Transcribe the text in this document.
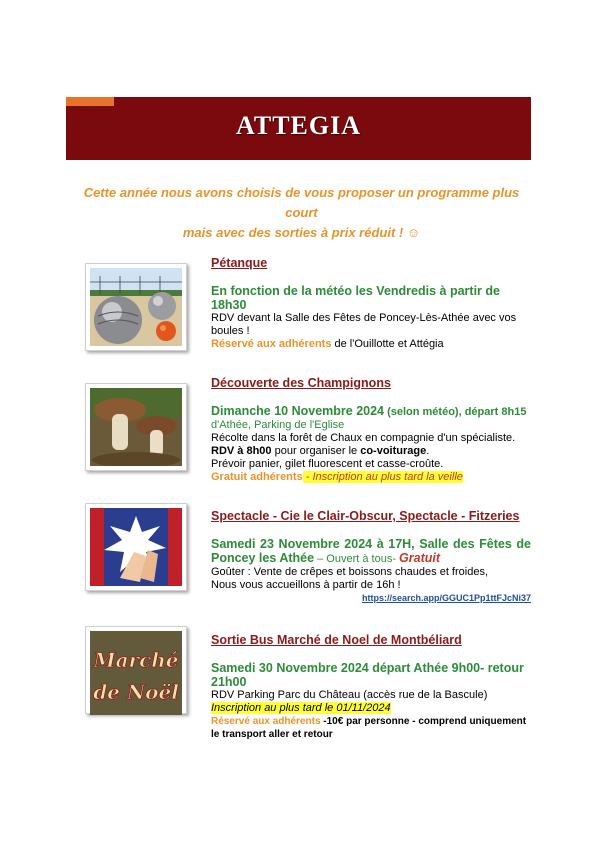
ATTEGIA
Cette année nous avons choisis de vous proposer un programme plus court
mais avec des sorties à prix réduit ! ☺
Pétanque
En fonction de la météo les Vendredis à partir de 18h30
RDV devant la Salle des Fêtes de Poncey-Lès-Athée avec vos boules !
Réservé aux adhérents de l'Ouillotte et Attégia
Découverte des Champignons
Dimanche 10 Novembre 2024 (selon météo), départ 8h15
d'Athée, Parking de l'Eglise
Récolte dans la forêt de Chaux en compagnie d'un spécialiste.
RDV à 8h00 pour organiser le co-voiturage.
Prévoir panier, gilet fluorescent et casse-croûte.
Gratuit adhérents - Inscription au plus tard la veille
Spectacle - Cie le Clair-Obscur, Spectacle - Fitzeries
Samedi 23 Novembre 2024 à 17H, Salle des Fêtes de Poncey les Athée – Ouvert à tous- Gratuit
Goûter : Vente de crêpes et boissons chaudes et froides,
Nous vous accueillons à partir de 16h !
https://search.app/GGUC1Pp1ttFJcNi37
Marché
de Noël
Sortie Bus Marché de Noel de Montbéliard
Samedi 30 Novembre 2024 départ Athée 9h00- retour 21h00
RDV Parking Parc du Château (accès rue de la Bascule)
Inscription au plus tard le 01/11/2024
Réservé aux adhérents -10€ par personne - comprend uniquement le transport aller et retour
